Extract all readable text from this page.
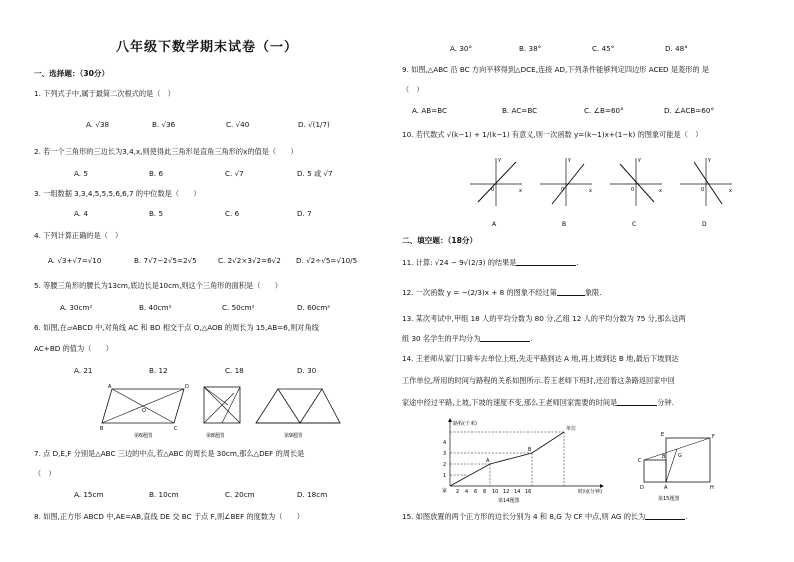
八年级下数学期末试卷（一）
一、选择题：（30分）
1. 下列式子中,属于最简二次根式的是（　）
A. √38	B. √36	C. √40	D. √(1/7)
2. 若一个三角形的三边长为3,4,x,则使得此三角形是直角三角形的x的值是（　　）
A. 5	B. 6	C. √7	D. 5 或 √7
3. 一组数据 3,3,4,5,5,5,6,6,7 的中位数是（　　）
A. 4	B. 5	C. 6	D. 7
4. 下列计算正确的是（　）
A. √3+√7=√10	B. 7√7−2√5=2√5	C. 2√2×3√2=6√2 D. √2÷√5=√10/5
5. 等腰三角形的腰长为13cm,底边长是10cm,则这个三角形的面积是（　　）
A. 30cm²	B. 40cm²	C. 50cm²	D. 60cm²
6. 如图,在▱ABCD 中,对角线 AC 和 BD 相交于点 O,△AOB 的周长为 15,AB=6,则对角线
AC+BD 的值为（　　）
A. 21	B. 12	C. 18	D. 30
A	D
B
O
C
第6题图	第8题图	第9题图
7. 点 D,E,F 分别是△ABC 三边的中点,若△ABC 的周长是 30cm,那么△DEF 的周长是
（　）
A. 15cm	B. 10cm	C. 20cm	D. 18cm
8. 如图,正方形 ABCD 中,AE=AB,直线 DE 交 BC 于点 F,则∠BEF 的度数为（　　）
A. 30°	B. 38°	C. 45°	D. 48°
9. 如图,△ABC 沿 BC 方向平移得到△DCE,连接 AD,下列条件能够判定四边形 ACED 是菱形的 是
（　）
A. AB=BC	B. AC=BC	C. ∠B=60°	D. ∠ACB=60°
10. 若代数式 √(k−1) + 1/(k−1) 有意义,则一次函数 y=(k−1)x+(1−k) 的图象可能是（　）
y
x
0
A
y
x
0
B
y
x
0
C
y
x
0
D
二、填空题：（18分）
11. 计算: √24 − 9√(2/3) 的结果是	.
12. 一次函数 y = −(2/3)x + 8 的图象不经过第	象限.
13. 某次考试中,甲组 18 人的平均分数为 80 分,乙组 12 人的平均分数为 75 分,那么这两
组 30 名学生的平均分为	.
14. 王老师从家门口骑车去单位上班,先走平路到达 A 地,再上坡到达 B 地,最后下坡到达
工作单位,所用的时间与路程的关系如图所示.若王老师下班时,还沿着这条路返回家中回
家途中经过平路,上坡,下坡的速度不变,那么王老师回家需要的时间是	分钟.
路程(千米)
时间(分钟)
家
1
2
3
4
2 4 6 8 10 12 14 16
A
B
单位
第14题图
E	F
C
B	G
D	A	H
第15题图
15. 如图放置的两个正方形的边长分别为 4 和 8,G 为 CF 中点,则 AG 的长为	.
